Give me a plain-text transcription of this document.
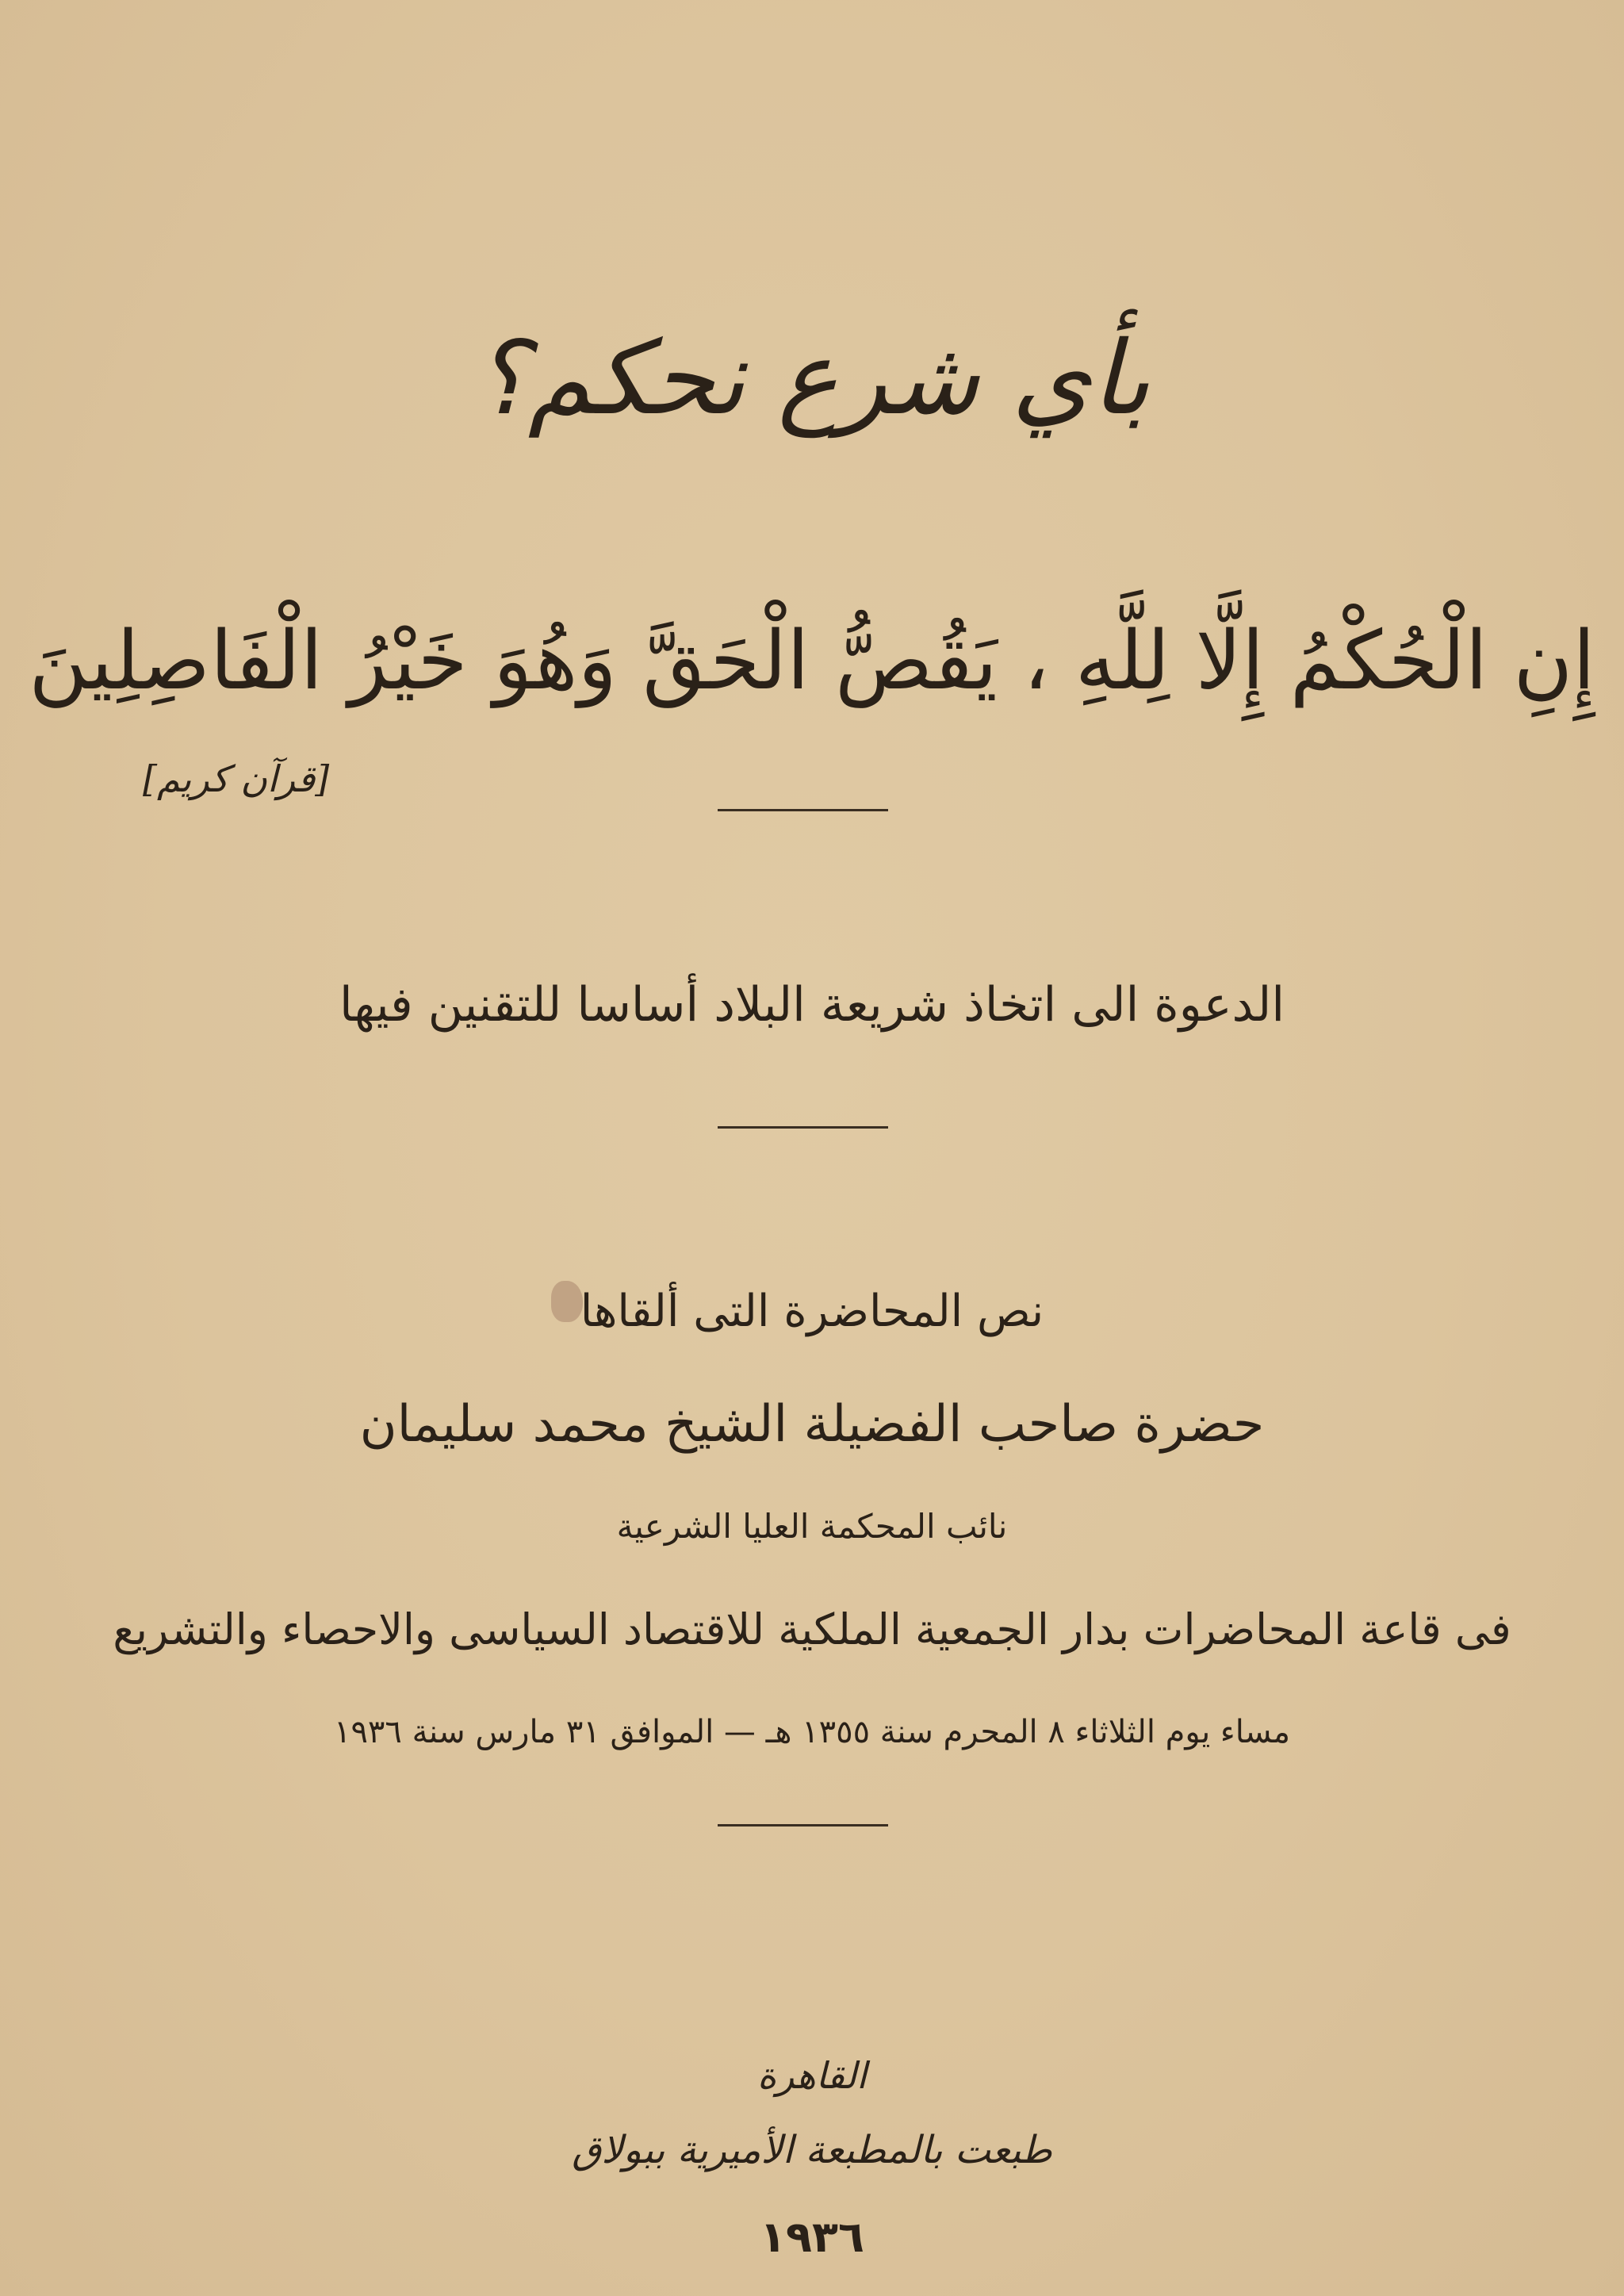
بأي شرع نحكم؟
إِنِ الْحُكْمُ إِلَّا لِلَّهِ ، يَقُصُّ الْحَقَّ وَهُوَ خَيْرُ الْفَاصِلِينَ
[قرآن كريم]
الدعوة الى اتخاذ شريعة البلاد أساسا للتقنين فيها
نص المحاضرة التى ألقاها
حضرة صاحب الفضيلة الشيخ محمد سليمان
نائب المحكمة العليا الشرعية
فى قاعة المحاضرات بدار الجمعية الملكية للاقتصاد السياسى والاحصاء والتشريع
مساء يوم الثلاثاء ٨ المحرم سنة ١٣٥٥ هـ — الموافق ٣١ مارس سنة ١٩٣٦
القاهرة
طبعت بالمطبعة الأميرية ببولاق
١٩٣٦
